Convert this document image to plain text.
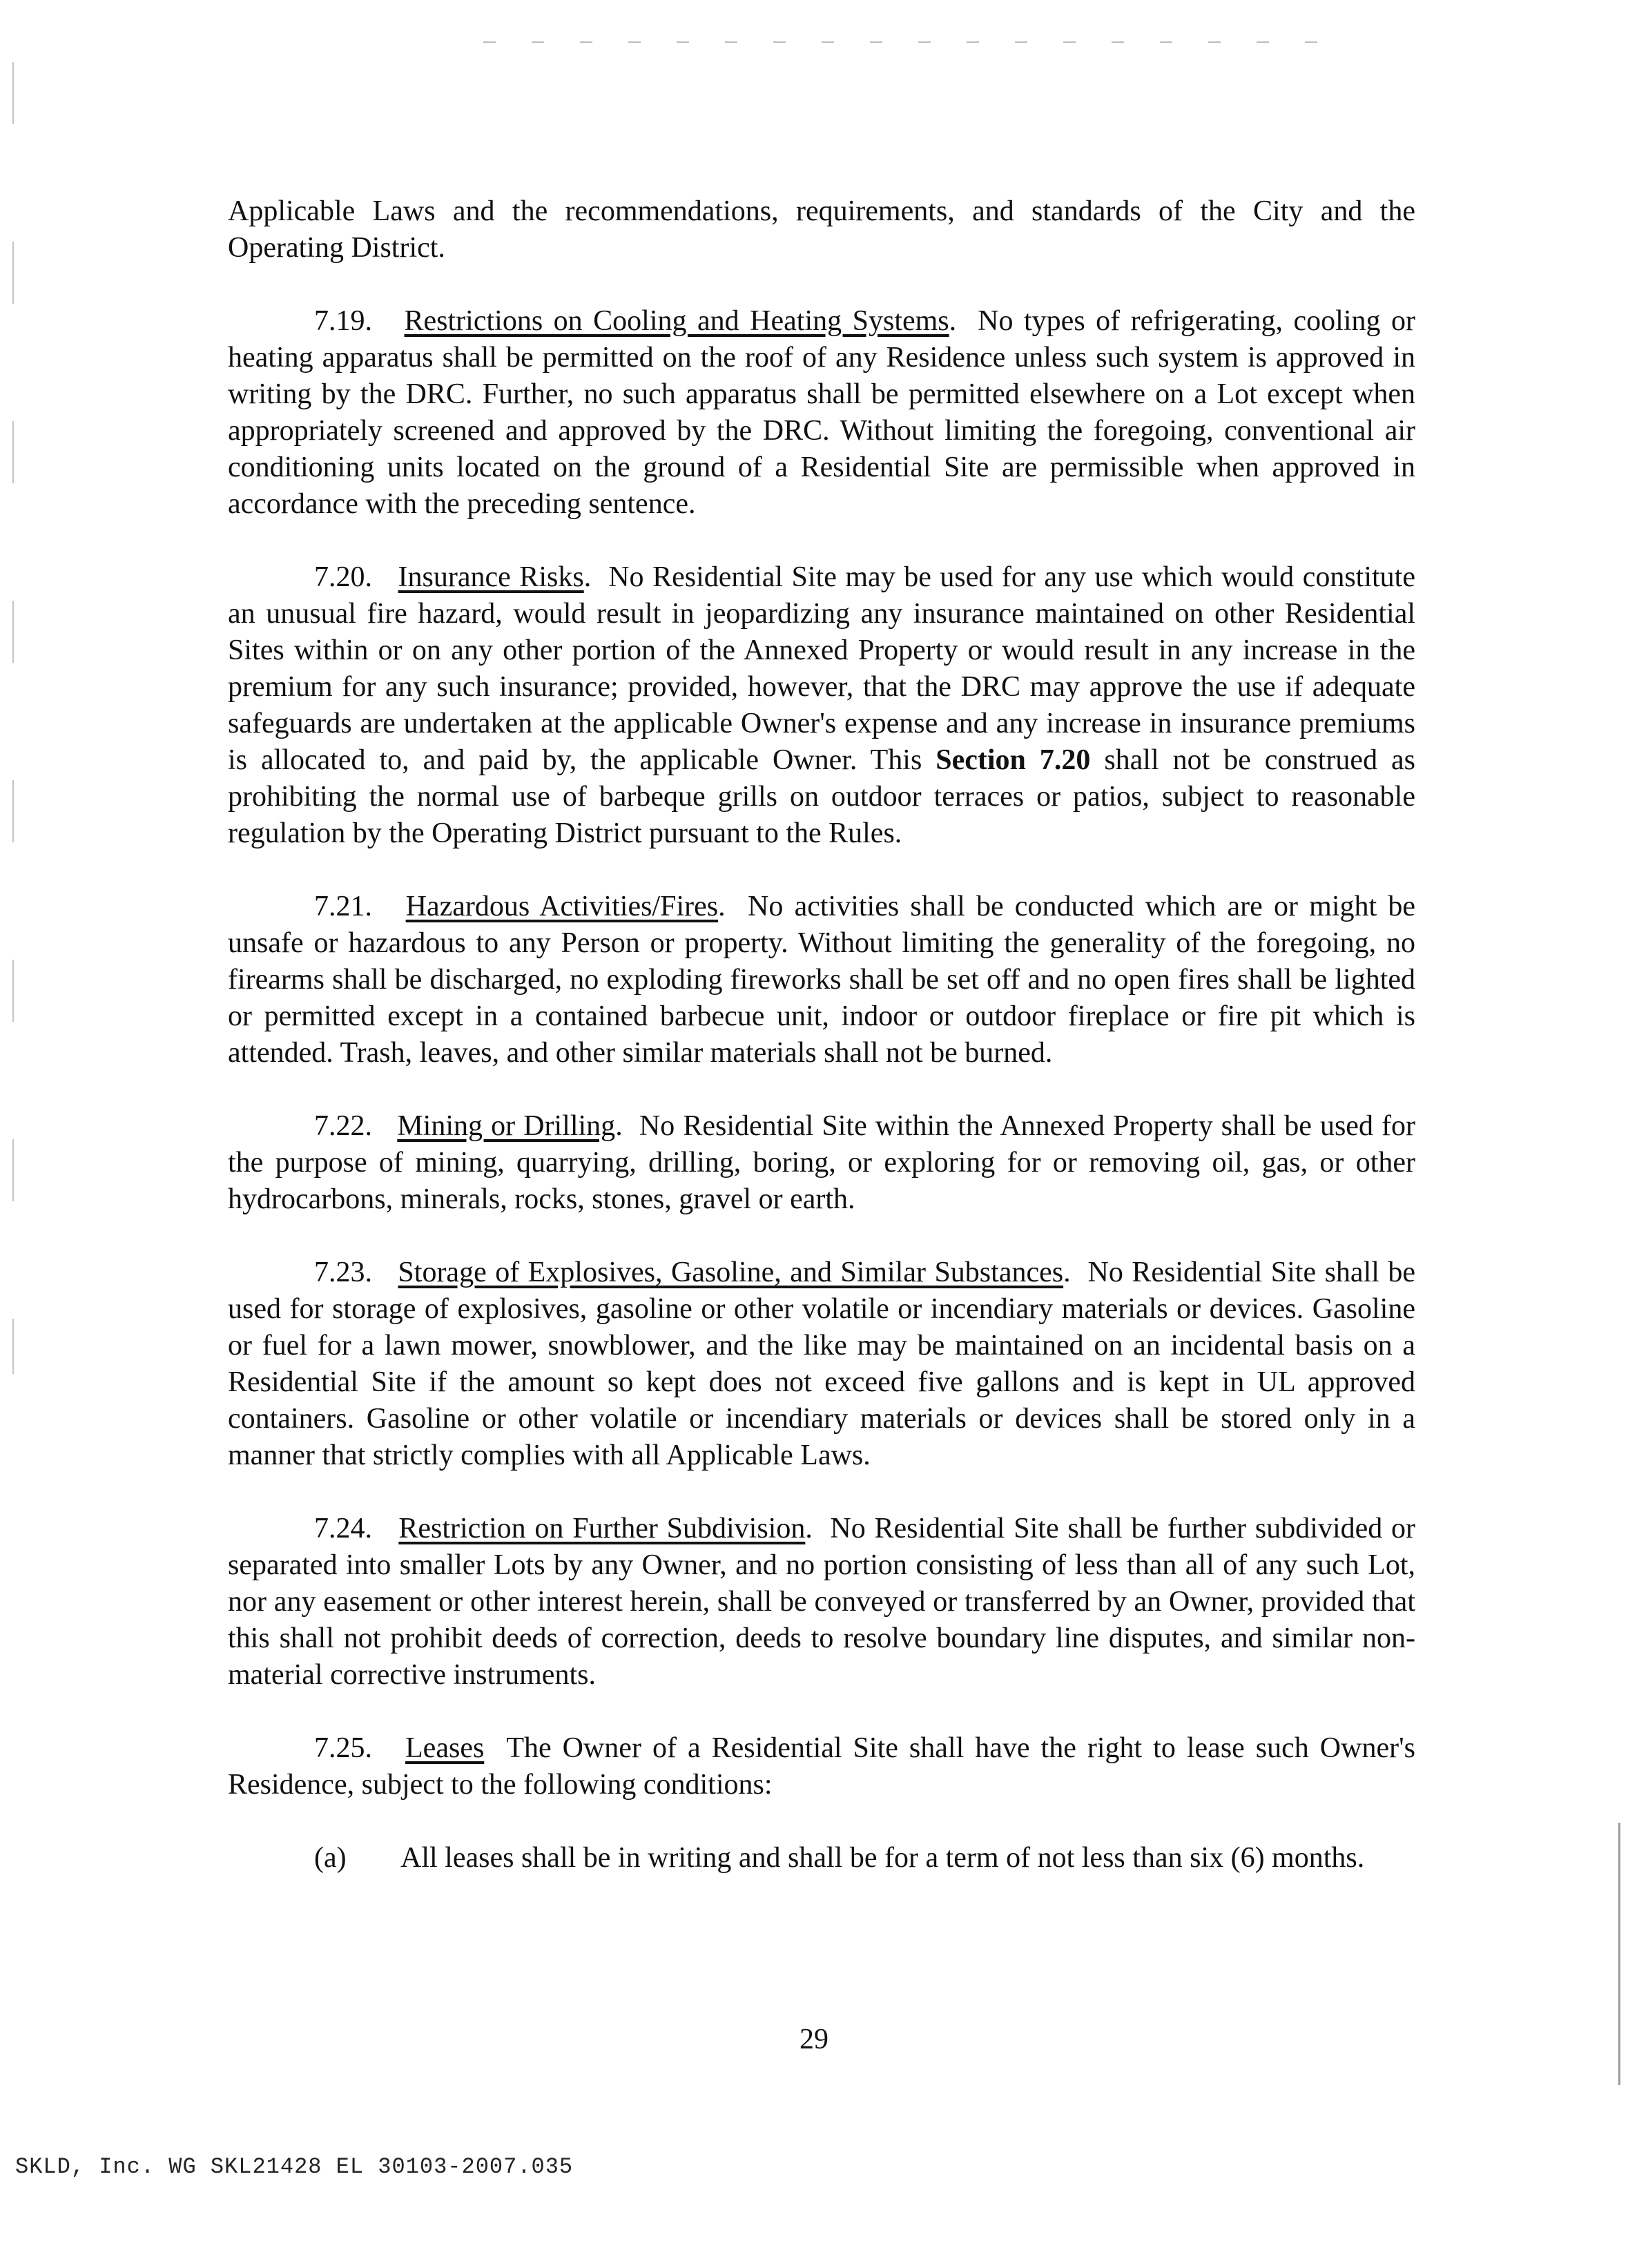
Applicable Laws and the recommendations, requirements, and standards of the City and the Operating District.

7.19. Restrictions on Cooling and Heating Systems. No types of refrigerating, cooling or heating apparatus shall be permitted on the roof of any Residence unless such system is approved in writing by the DRC. Further, no such apparatus shall be permitted elsewhere on a Lot except when appropriately screened and approved by the DRC. Without limiting the foregoing, conventional air conditioning units located on the ground of a Residential Site are permissible when approved in accordance with the preceding sentence.

7.20. Insurance Risks. No Residential Site may be used for any use which would constitute an unusual fire hazard, would result in jeopardizing any insurance maintained on other Residential Sites within or on any other portion of the Annexed Property or would result in any increase in the premium for any such insurance; provided, however, that the DRC may approve the use if adequate safeguards are undertaken at the applicable Owner's expense and any increase in insurance premiums is allocated to, and paid by, the applicable Owner. This Section 7.20 shall not be construed as prohibiting the normal use of barbeque grills on outdoor terraces or patios, subject to reasonable regulation by the Operating District pursuant to the Rules.

7.21. Hazardous Activities/Fires. No activities shall be conducted which are or might be unsafe or hazardous to any Person or property. Without limiting the generality of the foregoing, no firearms shall be discharged, no exploding fireworks shall be set off and no open fires shall be lighted or permitted except in a contained barbecue unit, indoor or outdoor fireplace or fire pit which is attended. Trash, leaves, and other similar materials shall not be burned.

7.22. Mining or Drilling. No Residential Site within the Annexed Property shall be used for the purpose of mining, quarrying, drilling, boring, or exploring for or removing oil, gas, or other hydrocarbons, minerals, rocks, stones, gravel or earth.

7.23. Storage of Explosives, Gasoline, and Similar Substances. No Residential Site shall be used for storage of explosives, gasoline or other volatile or incendiary materials or devices. Gasoline or fuel for a lawn mower, snowblower, and the like may be maintained on an incidental basis on a Residential Site if the amount so kept does not exceed five gallons and is kept in UL approved containers. Gasoline or other volatile or incendiary materials or devices shall be stored only in a manner that strictly complies with all Applicable Laws.

7.24. Restriction on Further Subdivision. No Residential Site shall be further subdivided or separated into smaller Lots by any Owner, and no portion consisting of less than all of any such Lot, nor any easement or other interest herein, shall be conveyed or transferred by an Owner, provided that this shall not prohibit deeds of correction, deeds to resolve boundary line disputes, and similar non-material corrective instruments.

7.25. Leases The Owner of a Residential Site shall have the right to lease such Owner's Residence, subject to the following conditions:

(a) All leases shall be in writing and shall be for a term of not less than six (6) months.

29
SKLD, Inc. WG SKL21428 EL 30103-2007.035
